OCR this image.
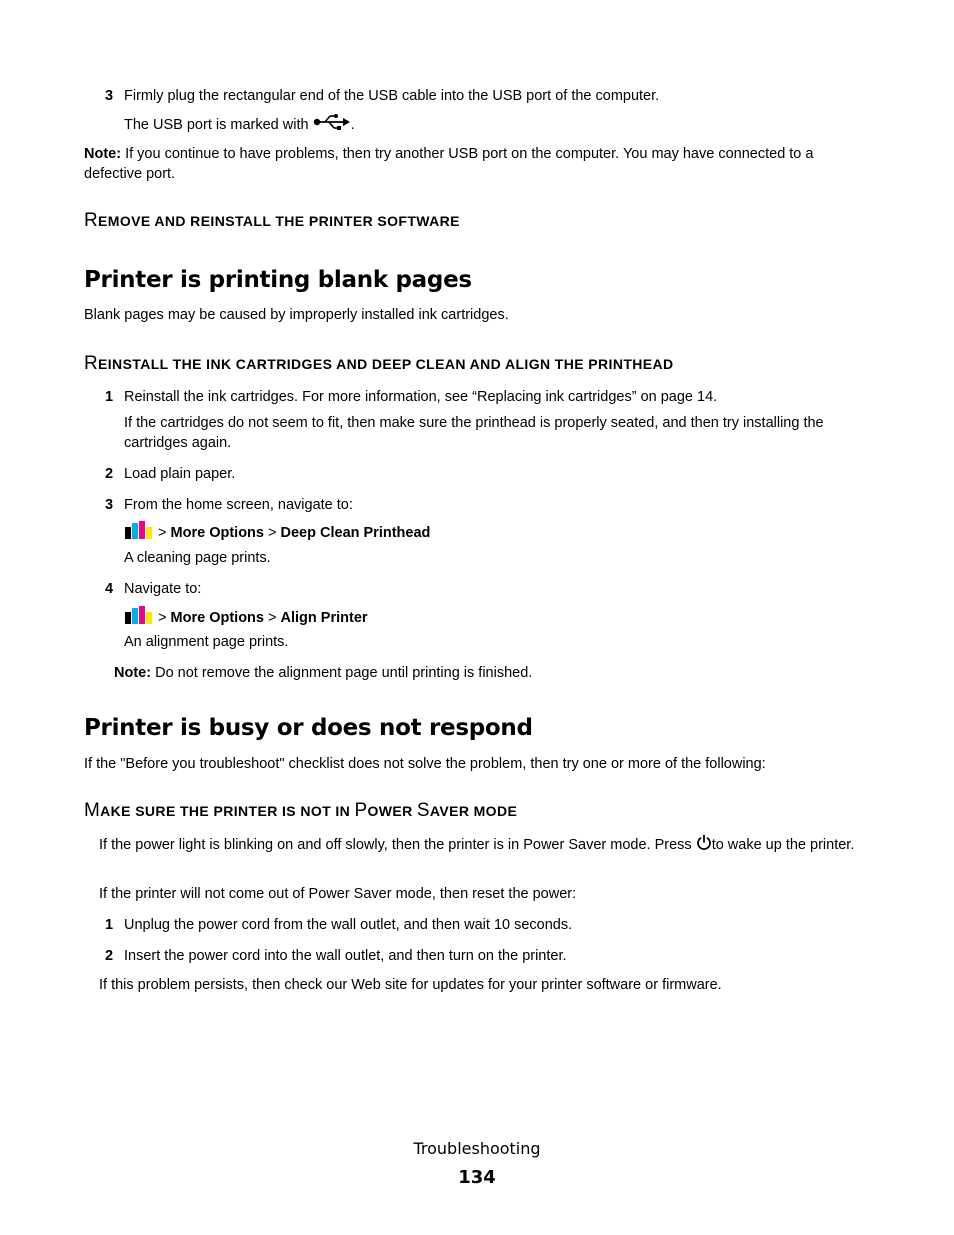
3 Firmly plug the rectangular end of the USB cable into the USB port of the computer.
The USB port is marked with	.
Note: If you continue to have problems, then try another USB port on the computer. You may have connected to a defective port.
REMOVE AND REINSTALL THE PRINTER SOFTWARE
Printer is printing blank pages
Blank pages may be caused by improperly installed ink cartridges.
REINSTALL THE INK CARTRIDGES AND DEEP CLEAN AND ALIGN THE PRINTHEAD
1 Reinstall the ink cartridges. For more information, see “Replacing ink cartridges” on page 14.
If the cartridges do not seem to fit, then make sure the printhead is properly seated, and then try installing the cartridges again.
2 Load plain paper.
3 From the home screen, navigate to:
> More Options > Deep Clean Printhead
A cleaning page prints.
4 Navigate to:
> More Options > Align Printer
An alignment page prints.
Note: Do not remove the alignment page until printing is finished.
Printer is busy or does not respond
If the "Before you troubleshoot" checklist does not solve the problem, then try one or more of the following:
MAKE SURE THE PRINTER IS NOT IN POWER SAVER MODE
If the power light is blinking on and off slowly, then the printer is in Power Saver mode. Press to wake up the printer.
If the printer will not come out of Power Saver mode, then reset the power:
1 Unplug the power cord from the wall outlet, and then wait 10 seconds.
2 Insert the power cord into the wall outlet, and then turn on the printer.
If this problem persists, then check our Web site for updates for your printer software or firmware.
Troubleshooting
134
